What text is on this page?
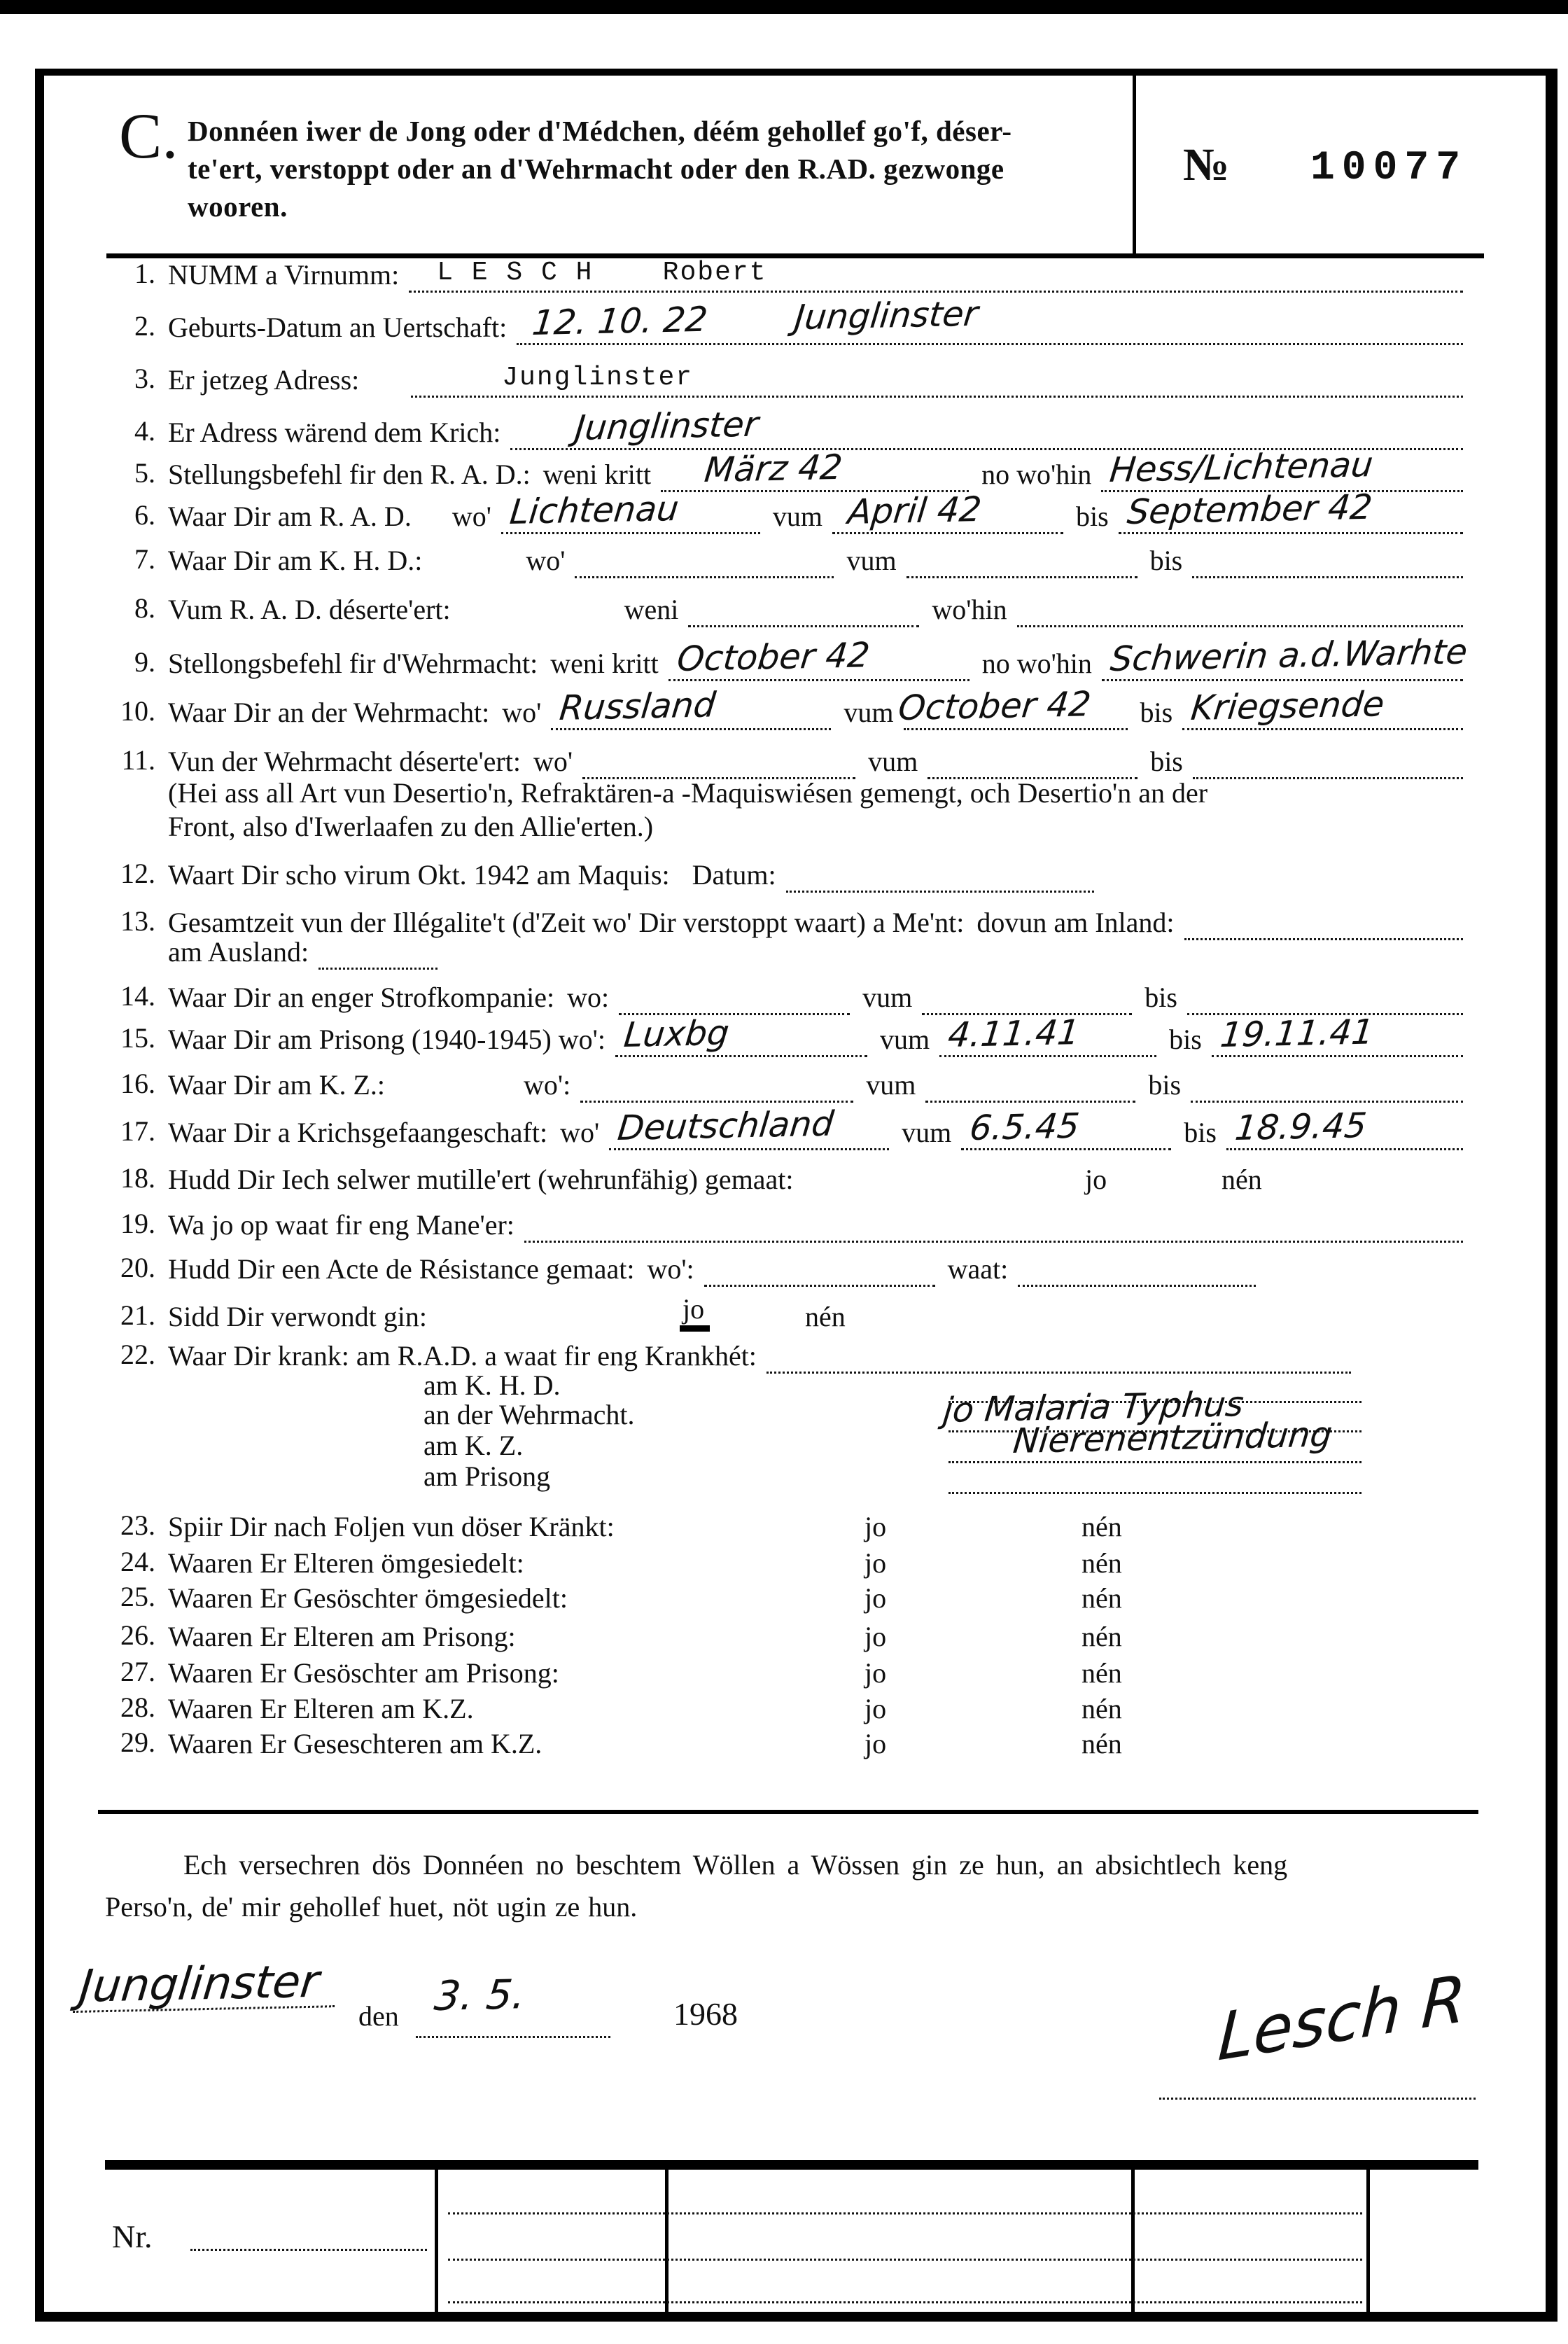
C. Donnéen iwer de Jong oder d'Médchen, déém gehollef go'f, déser-
te'ert, verstoppt oder an d'Wehrmacht oder den R.AD. gezwonge
wooren.
№ 10077
1. NUMM a Virnumm: L E S C H    Robert
2. Geburts-Datum an Uertschaft: 12. 10. 22        Junglinster
3. Er jetzeg Adress:	Junglinster
4. Er Adress wärend dem Krich: Junglinster
5. Stellungsbefehl fir den R. A. D.: weni kritt März 42	no wo'hin Hess/Lichtenau
6. Waar Dir am R. A. D.	wo' Lichtenau	vum April 42	bis September 42
7. Waar Dir am K. H. D.:	wo'	vum	bis
8. Vum R. A. D. déserte'ert:	weni	wo'hin
9. Stellongsbefehl fir d'Wehrmacht: weni kritt October 42	no wo'hin Schwerin a.d.Warhte
10. Waar Dir an der Wehrmacht: wo' Russland	vum October 42	bis Kriegsende
11. Vun der Wehrmacht déserte'ert: wo'	vum	bis
(Hei ass all Art vun Desertio'n, Refraktären-a -Maquiswiésen gemengt, och Desertio'n an der
Front, also d'Iwerlaafen zu den Allie'erten.)
12. Waart Dir scho virum Okt. 1942 am Maquis: Datum:
13. Gesamtzeit vun der Illégalite't (d'Zeit wo' Dir verstoppt waart) a Me'nt: dovun am Inland:
am Ausland:
14. Waar Dir an enger Strofkompanie: wo:	vum	bis
15. Waar Dir am Prisong (1940-1945) wo': Luxbg	vum 4.11.41	bis 19.11.41
16. Waar Dir am K. Z.:	wo':	vum	bis
17. Waar Dir a Krichsgefaangeschaft: wo' Deutschland	vum 6.5.45	bis 18.9.45
18. Hudd Dir Iech selwer mutille'ert (wehrunfähig) gemaat:	jo	nén
19. Wa jo op waat fir eng Mane'er:
20. Hudd Dir een Acte de Résistance gemaat: wo':	waat:
21. Sidd Dir verwondt gin:	jo	nén
22. Waar Dir krank: am R.A.D. a waat fir eng Krankhét:
am K. H. D.
an der Wehrmacht.	jo Malaria Typhus
am K. Z.	Nierenentzündung
am Prisong
23. Spiir Dir nach Foljen vun döser Kränkt:	jo	nén
24. Waaren Er Elteren ömgesiedelt:	jo	nén
25. Waaren Er Gesöschter ömgesiedelt:	jo	nén
26. Waaren Er Elteren am Prisong:	jo	nén
27. Waaren Er Gesöschter am Prisong:	jo	nén
28. Waaren Er Elteren am K.Z.	jo	nén
29. Waaren Er Geseschteren am K.Z.	jo	nén
Ech versechren dös Donnéen no beschtem Wöllen a Wössen gin ze hun, an absichtlech keng
Perso'n, de' mir gehollef huet, nöt ugin ze hun.
Junglinster
den 3. 5.	1968	Lesch R
Nr.
